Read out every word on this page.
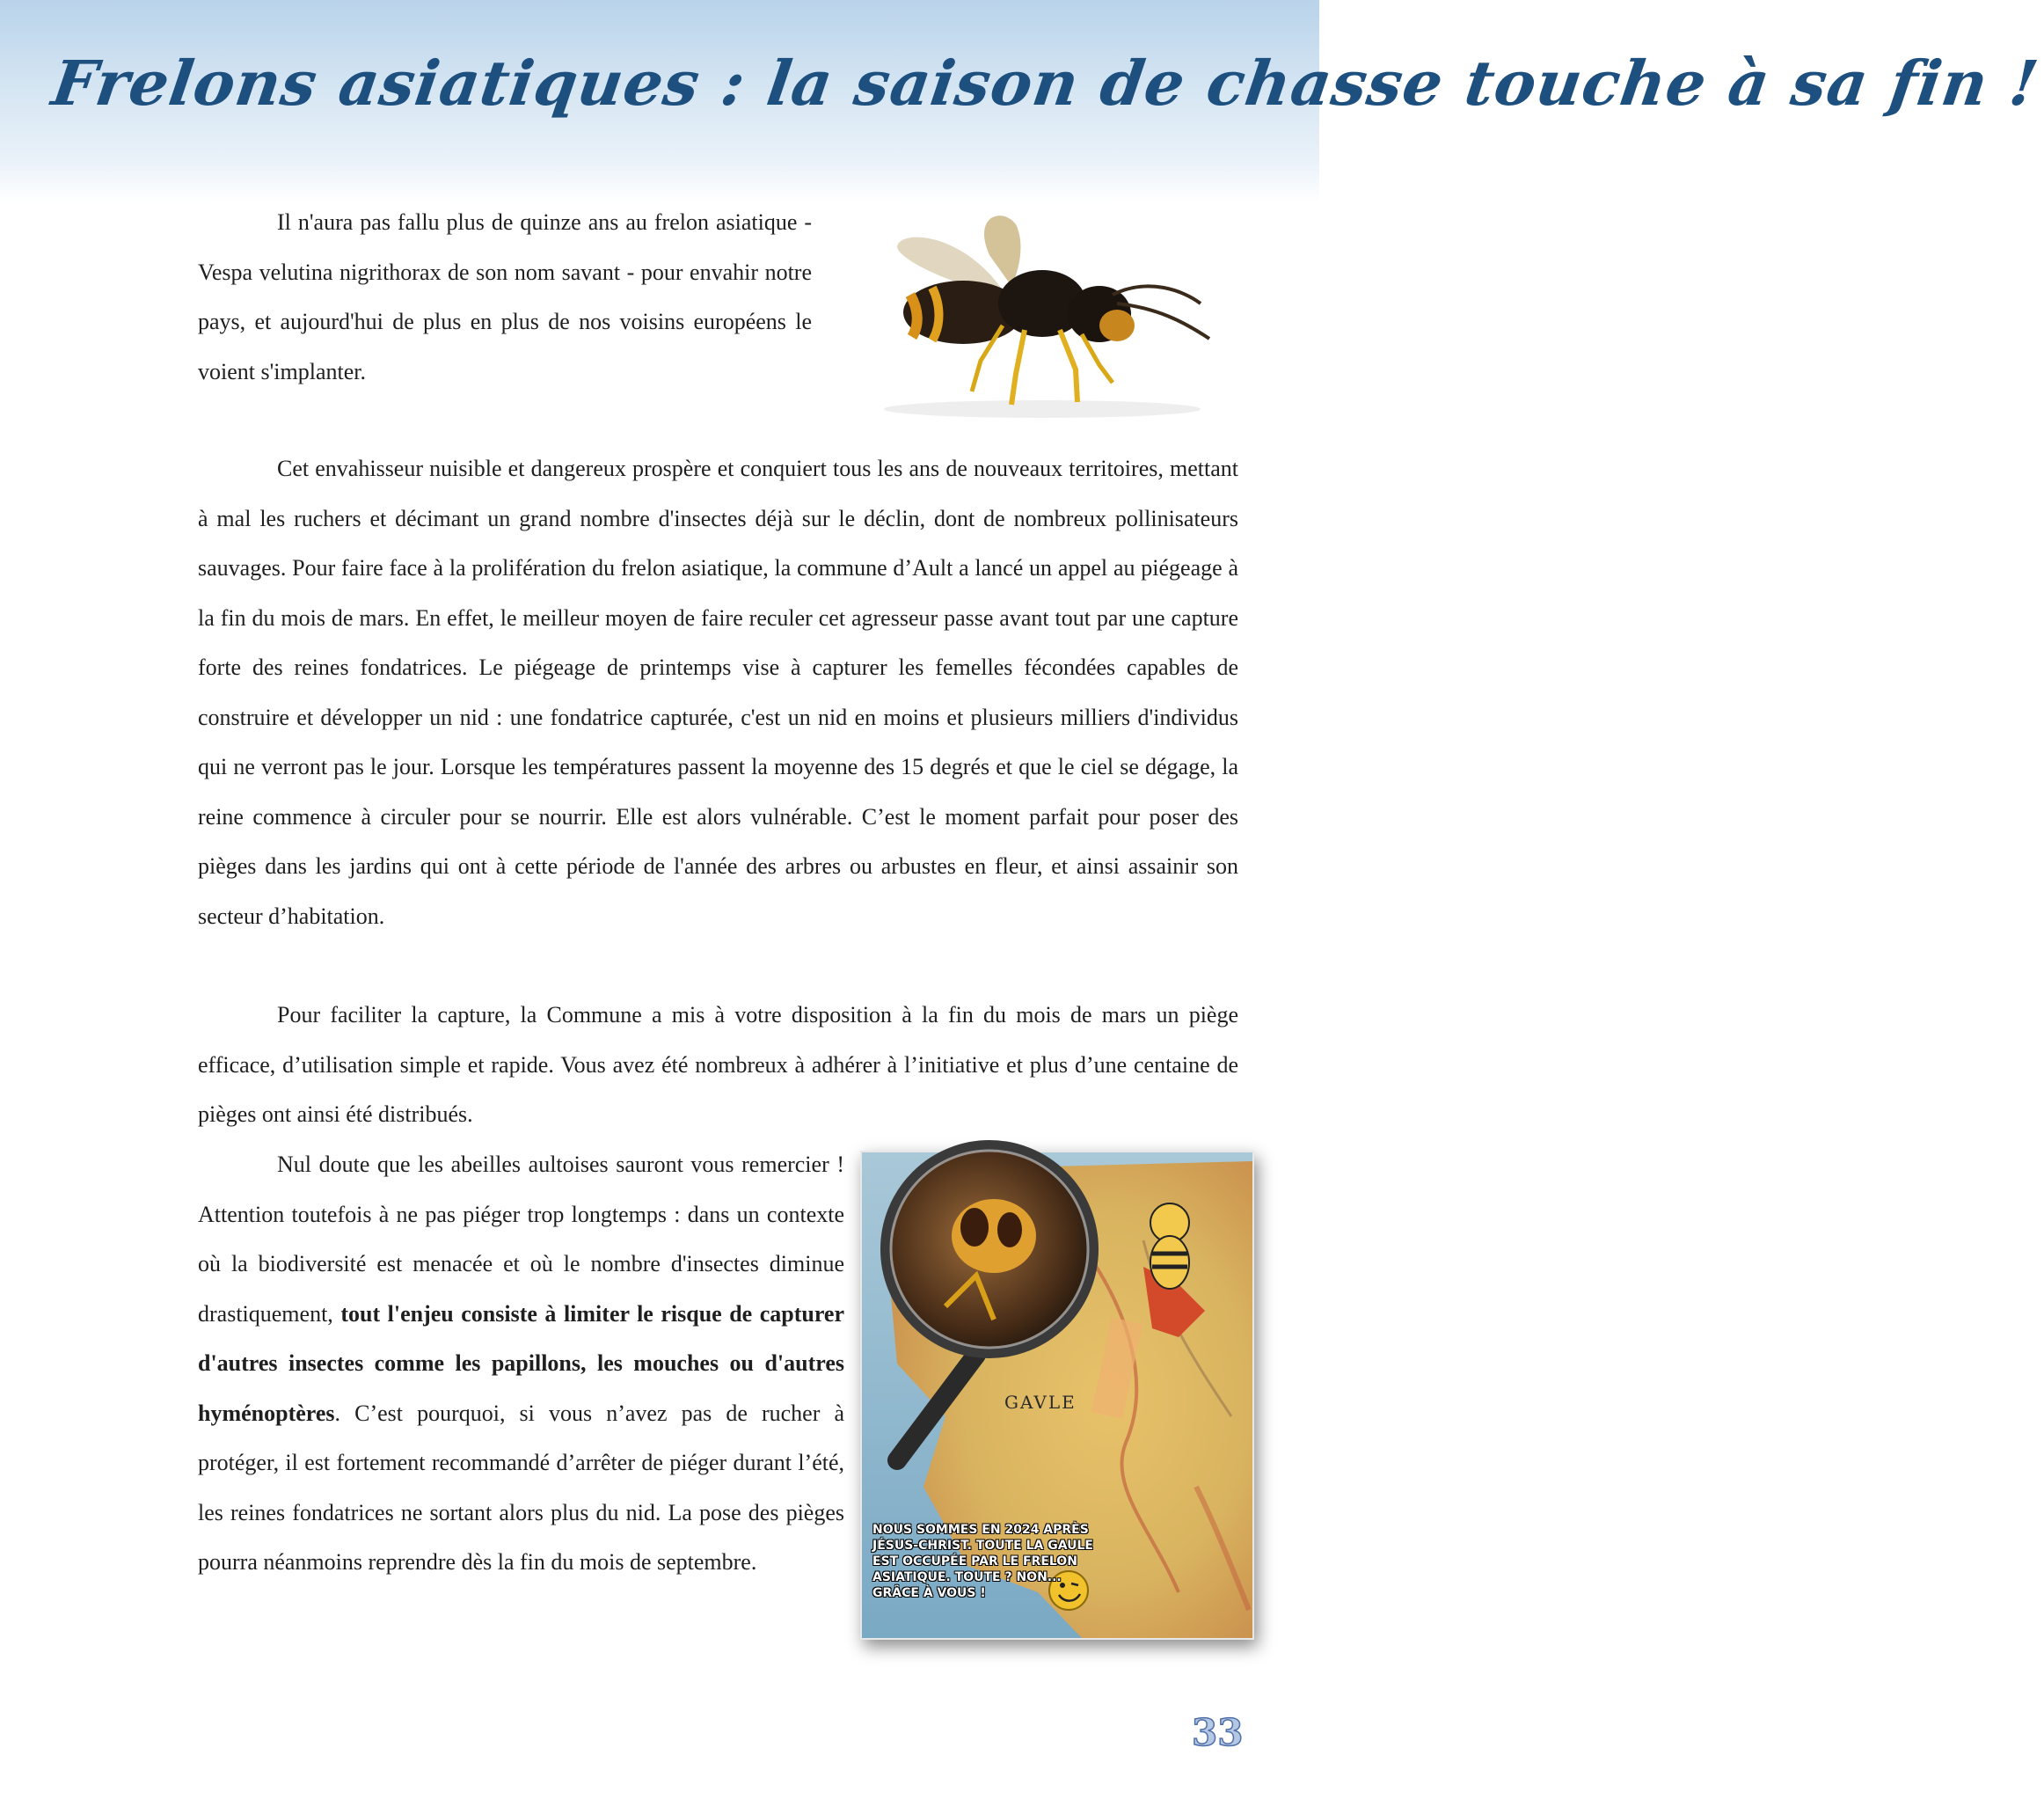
Frelons asiatiques : la saison de chasse touche à sa fin !

Il n'aura pas fallu plus de quinze ans au frelon asiatique - Vespa velutina nigrithorax de son nom savant - pour envahir notre pays, et aujourd'hui de plus en plus de nos voisins européens le voient s'implanter.

Cet envahisseur nuisible et dangereux prospère et conquiert tous les ans de nouveaux territoires, mettant à mal les ruchers et décimant un grand nombre d'insectes déjà sur le déclin, dont de nombreux pollinisateurs sauvages. Pour faire face à la prolifération du frelon asiatique, la commune d’Ault a lancé un appel au piégeage à la fin du mois de mars. En effet, le meilleur moyen de faire reculer cet agresseur passe avant tout par une capture forte des reines fondatrices. Le piégeage de printemps vise à capturer les femelles fécondées capables de construire et développer un nid : une fondatrice capturée, c'est un nid en moins et plusieurs milliers d'individus qui ne verront pas le jour. Lorsque les températures passent la moyenne des 15 degrés et que le ciel se dégage, la reine commence à circuler pour se nourrir. Elle est alors vulnérable. C’est le moment parfait pour poser des pièges dans les jardins qui ont à cette période de l'année des arbres ou arbustes en fleur, et ainsi assainir son secteur d’habitation.

Pour faciliter la capture, la Commune a mis à votre disposition à la fin du mois de mars un piège efficace, d’utilisation simple et rapide. Vous avez été nombreux à adhérer à l’initiative et plus d’une centaine de pièges ont ainsi été distribués.

Nul doute que les abeilles aultoises sauront vous remercier ! Attention toutefois à ne pas piéger trop longtemps : dans un contexte où la biodiversité est menacée et où le nombre d'insectes diminue drastiquement, tout l'enjeu consiste à limiter le risque de capturer d'autres insectes comme les papillons, les mouches ou d'autres hyménoptères. C’est pourquoi, si vous n’avez pas de rucher à protéger, il est fortement recommandé d’arrêter de piéger durant l’été, les reines fondatrices ne sortant alors plus du nid. La pose des pièges pourra néanmoins reprendre dès la fin du mois de septembre.

GAVLE
NOUS SOMMES EN 2024 APRÈS JÉSUS-CHRIST. TOUTE LA GAULE EST OCCUPÉE PAR LE FRELON ASIATIQUE. TOUTE ? NON... GRÂCE À VOUS !
33
